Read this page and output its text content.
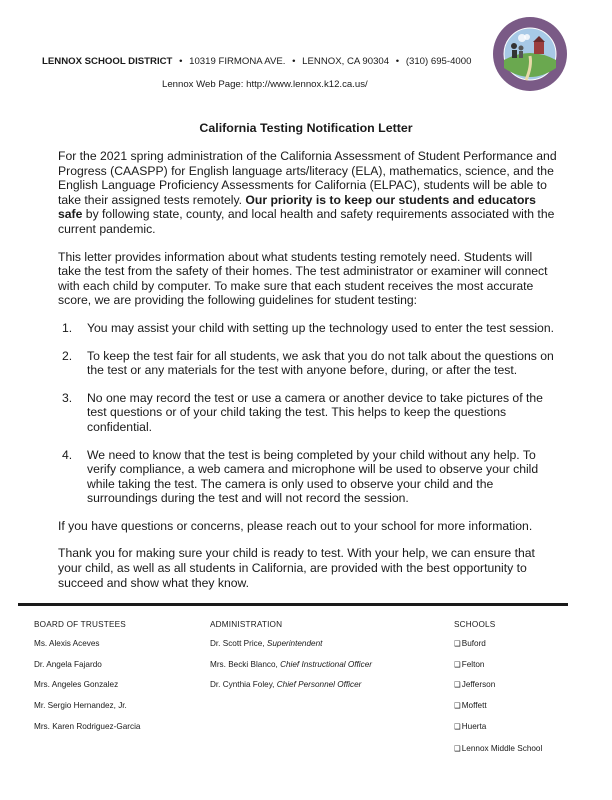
LENNOX SCHOOL DISTRICT • 10319 FIRMONA AVE. • LENNOX, CA 90304 • (310) 695-4000
Lennox Web Page: http://www.lennox.k12.ca.us/
California Testing Notification Letter

For the 2021 spring administration of the California Assessment of Student Performance and Progress (CAASPP) for English language arts/literacy (ELA), mathematics, science, and the English Language Proficiency Assessments for California (ELPAC), students will be able to take their assigned tests remotely. Our priority is to keep our students and educators safe by following state, county, and local health and safety requirements associated with the current pandemic.

This letter provides information about what students testing remotely need. Students will take the test from the safety of their homes. The test administrator or examiner will connect with each child by computer. To make sure that each student receives the most accurate score, we are providing the following guidelines for student testing:

1. You may assist your child with setting up the technology used to enter the test session.
2. To keep the test fair for all students, we ask that you do not talk about the questions on the test or any materials for the test with anyone before, during, or after the test.
3. No one may record the test or use a camera or another device to take pictures of the test questions or of your child taking the test. This helps to keep the questions confidential.
4. We need to know that the test is being completed by your child without any help. To verify compliance, a web camera and microphone will be used to observe your child while taking the test. The camera is only used to observe your child and the surroundings during the test and will not record the session.

If you have questions or concerns, please reach out to your school for more information.

Thank you for making sure your child is ready to test. With your help, we can ensure that your child, as well as all students in California, are provided with the best opportunity to succeed and show what they know.

BOARD OF TRUSTEES
Ms. Alexis Aceves
Dr. Angela Fajardo
Mrs. Angeles Gonzalez
Mr. Sergio Hernandez, Jr.
Mrs. Karen Rodriguez-Garcia
ADMINISTRATION
Dr. Scott Price, Superintendent
Mrs. Becki Blanco, Chief Instructional Officer
Dr. Cynthia Foley, Chief Personnel Officer
SCHOOLS
❑Buford
❑Felton
❑Jefferson
❑Moffett
❑Huerta
❑Lennox Middle School
